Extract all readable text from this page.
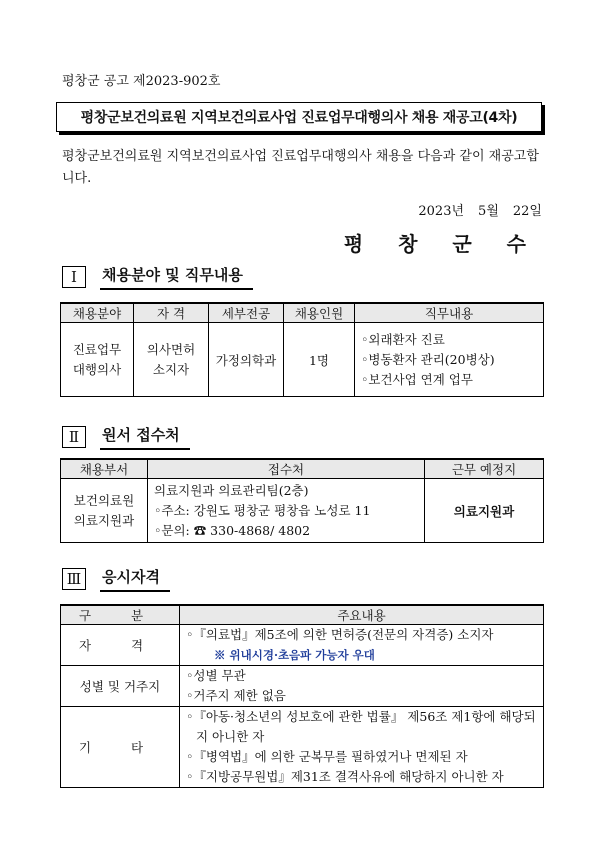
평창군 공고 제2023-902호
평창군보건의료원 지역보건의료사업 진료업무대행의사 채용 재공고(4차)
평창군보건의료원 지역보건의료사업 진료업무대행의사 채용을 다음과 같이 재공고합니다.
2023년 5월 22일
평 창 군 수
Ⅰ	채용분야 및 직무내용
채용분야	자 격	세부전공	채용인원	직무내용
진료업무 대행의사	의사면허 소지자	가정의학과	1명	◦외래환자 진료
◦병동환자 관리(20병상)
◦보건사업 연계 업무
Ⅱ	원서 접수처
채용부서	접수처	근무 예정지
보건의료원 의료지원과	의료지원과 의료관리팀(2층)
◦주소: 강원도 평창군 평창읍 노성로 11
◦문의: ☎ 330-4868/ 4802	의료지원과
Ⅲ	응시자격
구 분	주요내용
자 격	◦『의료법』제5조에 의한 면허증(전문의 자격증) 소지자
※ 위내시경·초음파 가능자 우대

성별 및 거주지	◦성별 무관
◦거주지 제한 없음

기 타	◦『아동·청소년의 성보호에 관한 법률』 제56조 제1항에 해당되지 아니한 자
◦『병역법』에 의한 군복무를 필하였거나 면제된 자
◦『지방공무원법』제31조 결격사유에 해당하지 아니한 자
